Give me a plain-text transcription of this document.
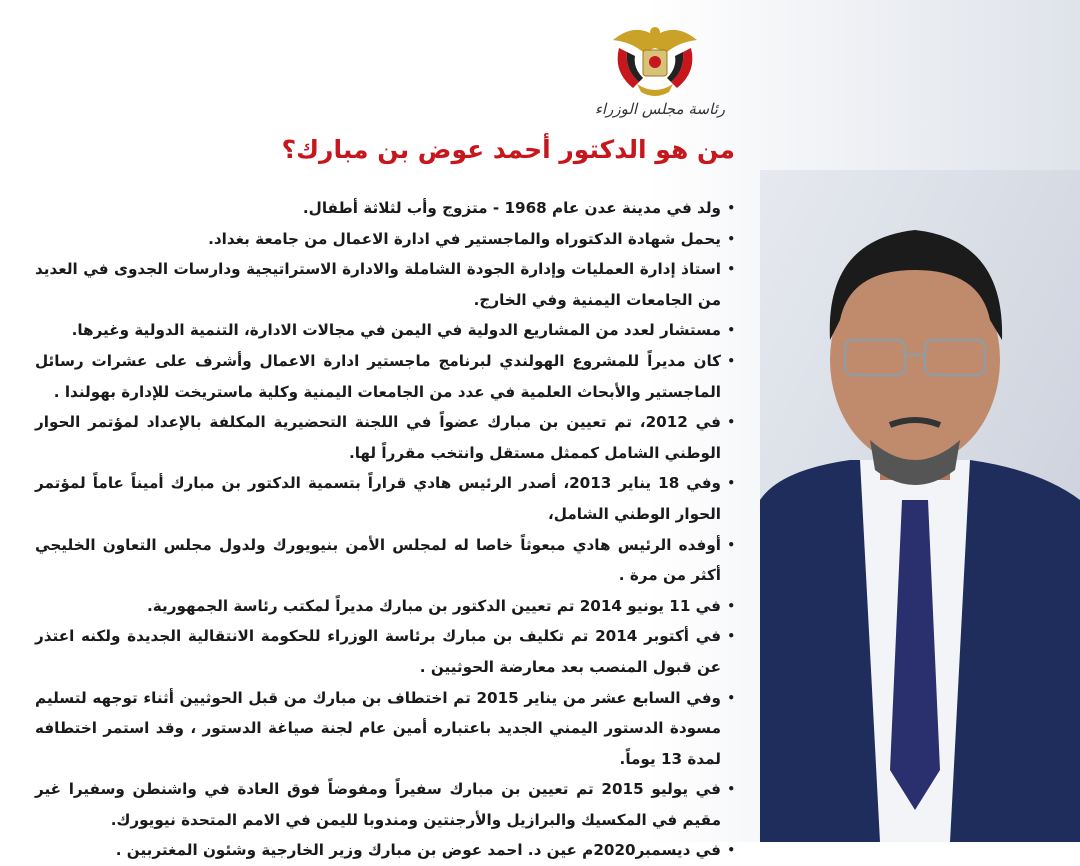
رئاسة مجلس الوزراء
من هو الدكتور أحمد عوض بن مبارك؟
• ولد في مدينة عدن عام 1968 - متزوج وأب لثلاثة أطفال.
• يحمل شهادة الدكتوراه والماجستير في ادارة الاعمال من جامعة بغداد.
• استاذ إدارة العمليات وإدارة الجودة الشاملة والادارة الاستراتيجية ودارسات الجدوى في العديد من الجامعات اليمنية وفي الخارج.
• مستشار لعدد من المشاريع الدولية في اليمن في مجالات الادارة، التنمية الدولية وغيرها.
• كان مديراً للمشروع الهولندي لبرنامج ماجستير ادارة الاعمال وأشرف على عشرات رسائل الماجستير والأبحاث العلمية في عدد من الجامعات اليمنية وكلية ماستريخت للإدارة بهولندا .
• في 2012، تم تعيين بن مبارك عضواً في اللجنة التحضيرية المكلفة بالإعداد لمؤتمر الحوار الوطني الشامل كممثل مستقل وانتخب مقرراً لها.
• وفي 18 يناير 2013، أصدر الرئيس هادي قراراً بتسمية الدكتور بن مبارك أميناً عاماً لمؤتمر الحوار الوطني الشامل،
• أوفده الرئيس هادي مبعوثاً خاصا له لمجلس الأمن بنيويورك ولدول مجلس التعاون الخليجي أكثر من مرة .
• في 11 يونيو 2014 تم تعيين الدكتور بن مبارك مديراً لمكتب رئاسة الجمهورية.
• في أكتوبر 2014 تم تكليف بن مبارك برئاسة الوزراء للحكومة الانتقالية الجديدة ولكنه اعتذر عن قبول المنصب بعد معارضة الحوثيين .
• وفي السابع عشر من يناير 2015 تم اختطاف بن مبارك من قبل الحوثيين أثناء توجهه لتسليم مسودة الدستور اليمني الجديد باعتباره أمين عام لجنة صياغة الدستور ، وقد استمر اختطافه لمدة 13 يوماً.
• في يوليو 2015 تم تعيين بن مبارك سفيراً ومفوضاً فوق العادة في واشنطن وسفيرا غير مقيم في المكسيك والبرازيل والأرجنتين ومندوبا لليمن في الامم المتحدة نيويورك.
• في ديسمبر2020م عين د. احمد عوض بن مبارك وزير الخارجية وشئون المغتربين .
